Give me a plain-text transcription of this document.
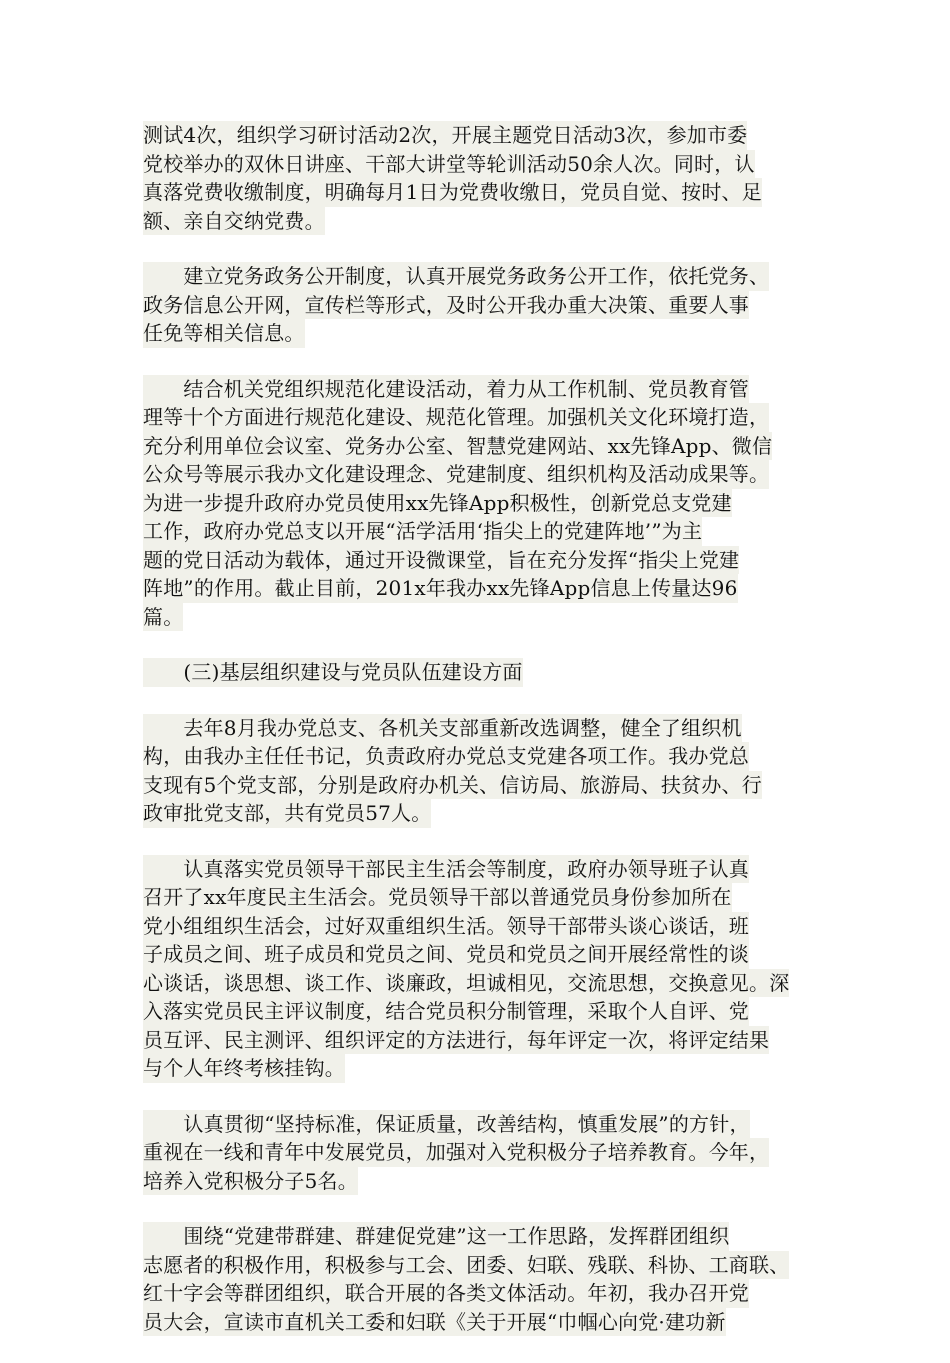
测试4次，组织学习研讨活动2次，开展主题党日活动3次，参加市委
党校举办的双休日讲座、干部大讲堂等轮训活动50余人次。同时，认
真落党费收缴制度，明确每月1日为党费收缴日，党员自觉、按时、足
额、亲自交纳党费。
　　建立党务政务公开制度，认真开展党务政务公开工作，依托党务、
政务信息公开网，宣传栏等形式，及时公开我办重大决策、重要人事
任免等相关信息。
　　结合机关党组织规范化建设活动，着力从工作机制、党员教育管
理等十个方面进行规范化建设、规范化管理。加强机关文化环境打造，
充分利用单位会议室、党务办公室、智慧党建网站、xx先锋App、微信
公众号等展示我办文化建设理念、党建制度、组织机构及活动成果等。
为进一步提升政府办党员使用xx先锋App积极性，创新党总支党建
工作，政府办党总支以开展“活学活用‘指尖上的党建阵地’”为主
题的党日活动为载体，通过开设微课堂，旨在充分发挥“指尖上党建
阵地”的作用。截止目前，201x年我办xx先锋App信息上传量达96
篇。
　　(三)基层组织建设与党员队伍建设方面
　　去年8月我办党总支、各机关支部重新改选调整，健全了组织机
构，由我办主任任书记，负责政府办党总支党建各项工作。我办党总
支现有5个党支部，分别是政府办机关、信访局、旅游局、扶贫办、行
政审批党支部，共有党员57人。
　　认真落实党员领导干部民主生活会等制度，政府办领导班子认真
召开了xx年度民主生活会。党员领导干部以普通党员身份参加所在
党小组组织生活会，过好双重组织生活。领导干部带头谈心谈话，班
子成员之间、班子成员和党员之间、党员和党员之间开展经常性的谈
心谈话，谈思想、谈工作、谈廉政，坦诚相见，交流思想，交换意见。深
入落实党员民主评议制度，结合党员积分制管理，采取个人自评、党
员互评、民主测评、组织评定的方法进行，每年评定一次，将评定结果
与个人年终考核挂钩。
　　认真贯彻“坚持标准，保证质量，改善结构，慎重发展”的方针，
重视在一线和青年中发展党员，加强对入党积极分子培养教育。今年，
培养入党积极分子5名。
　　围绕“党建带群建、群建促党建”这一工作思路，发挥群团组织
志愿者的积极作用，积极参与工会、团委、妇联、残联、科协、工商联、
红十字会等群团组织，联合开展的各类文体活动。年初，我办召开党
员大会，宣读市直机关工委和妇联《关于开展“巾帼心向党·建功新
